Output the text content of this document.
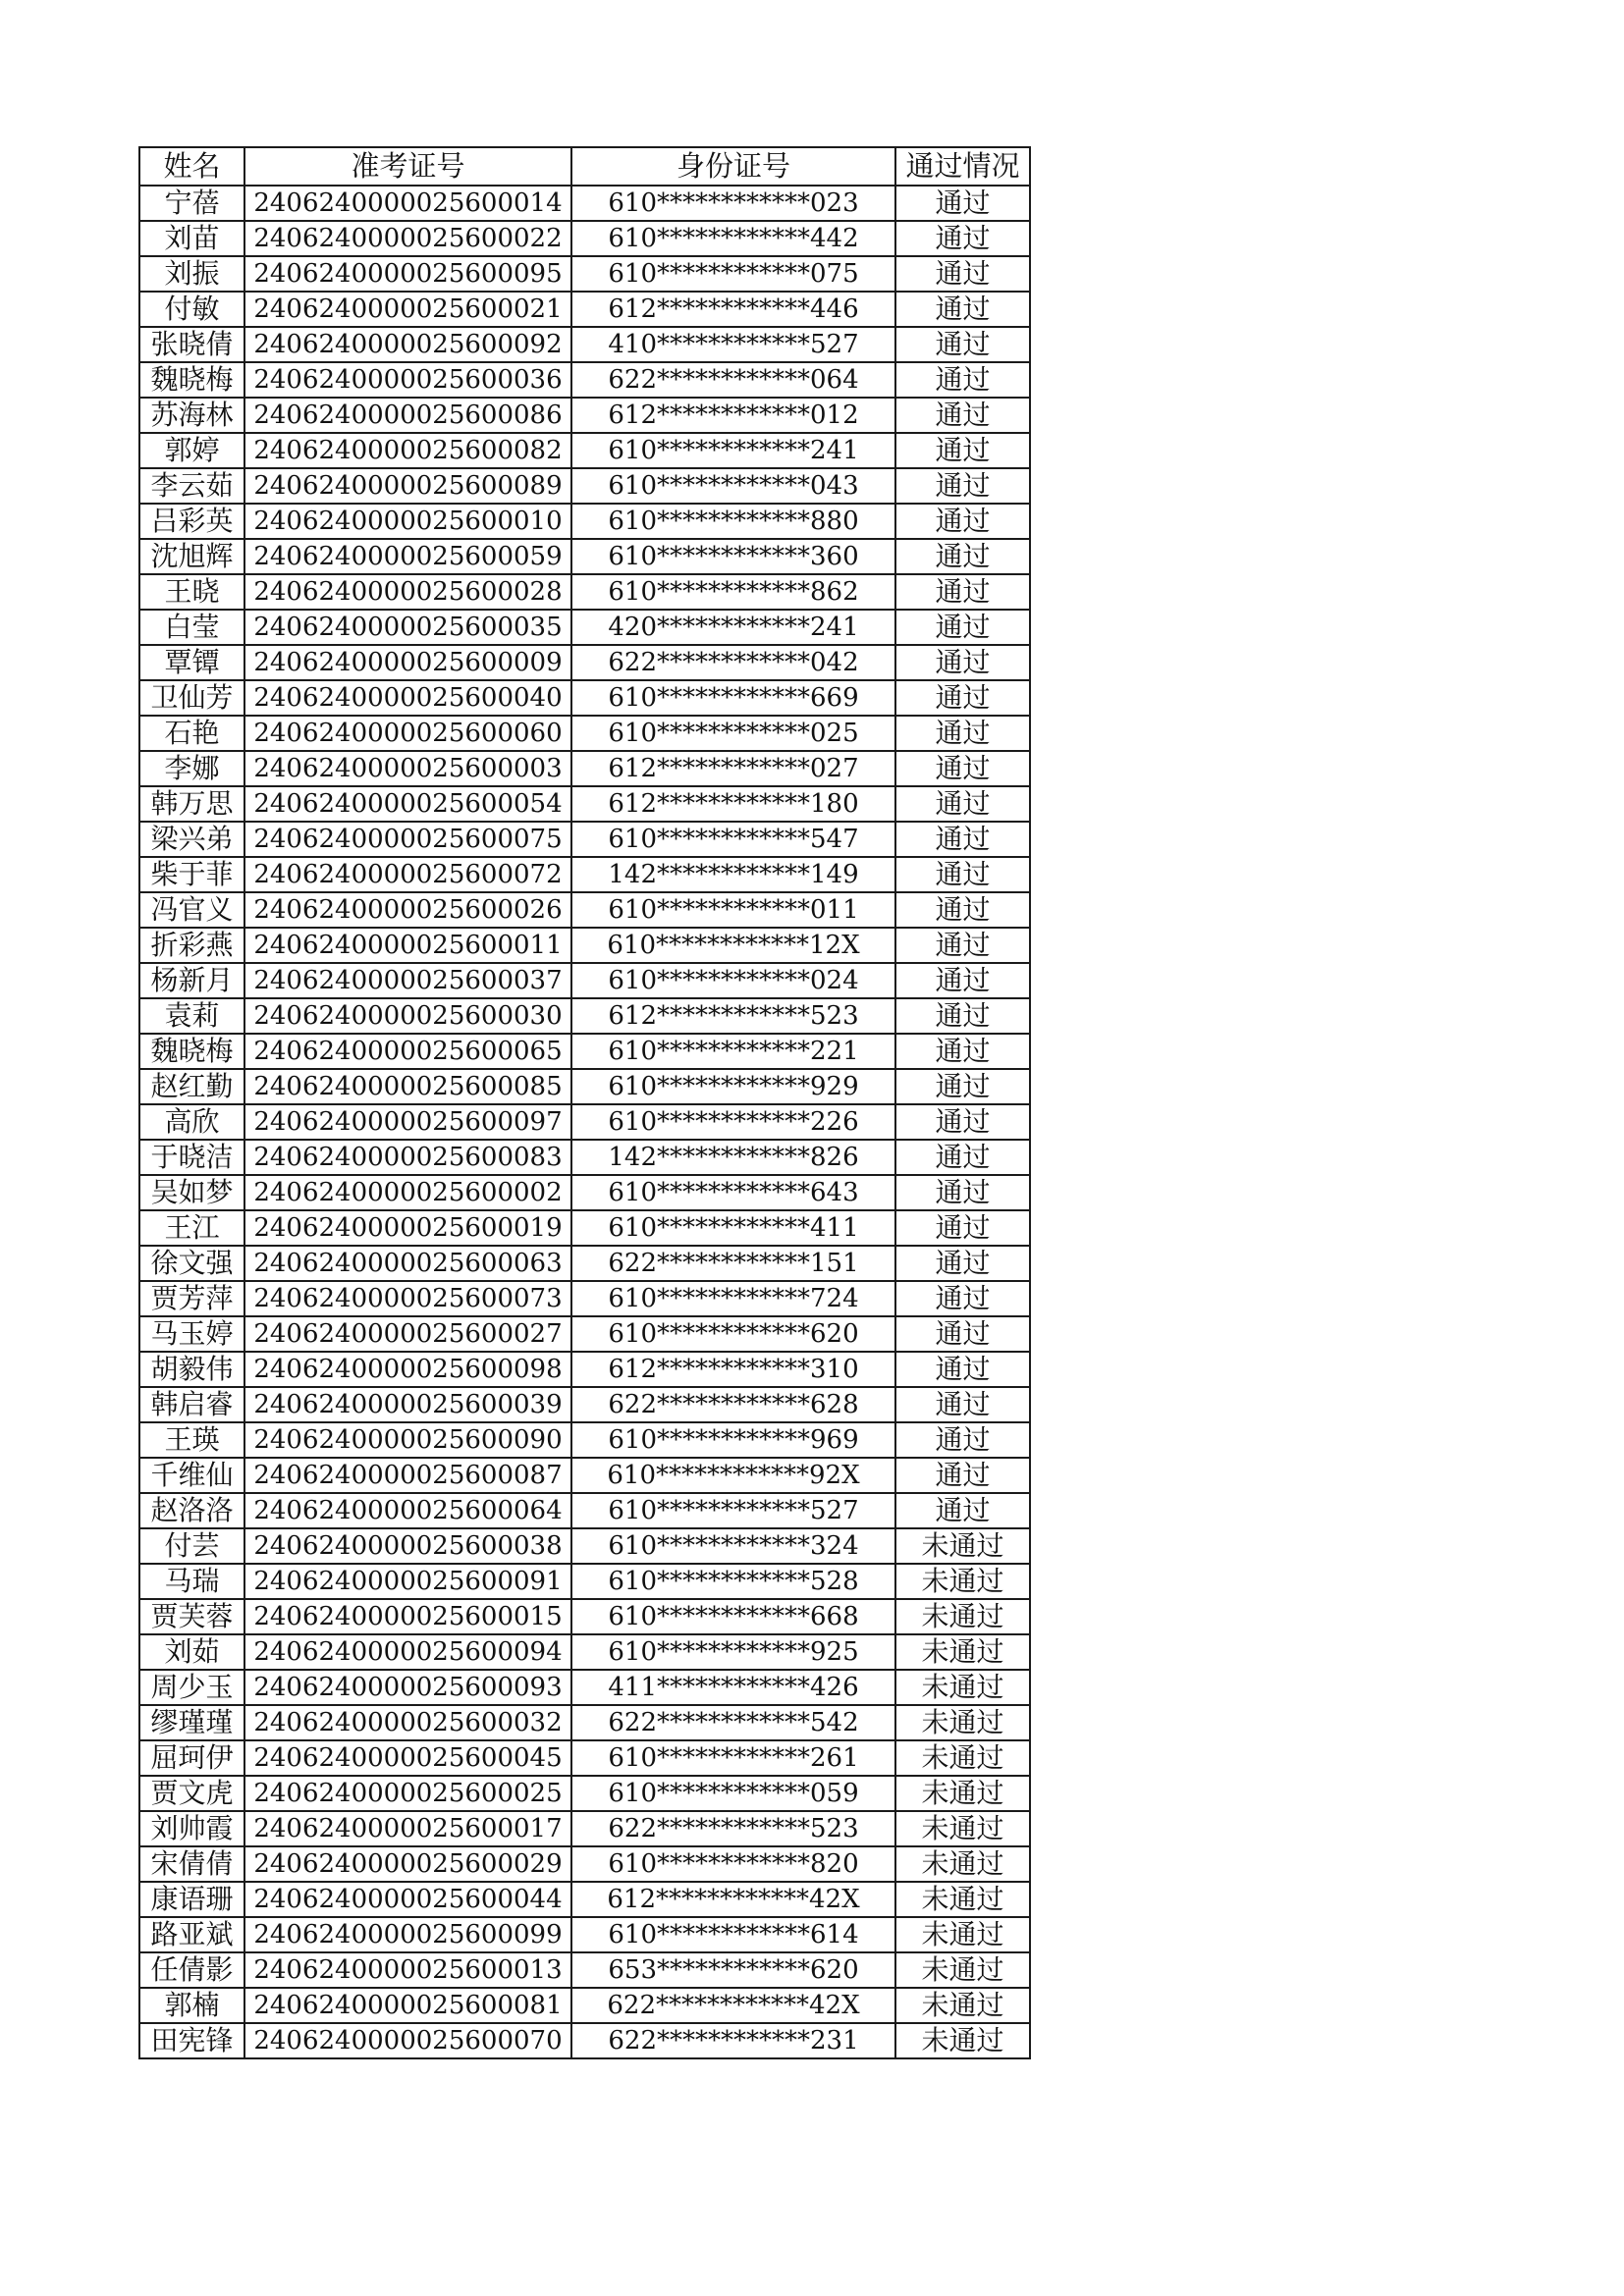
姓名	准考证号	身份证号	通过情况
宁蓓	2406240000025600014	610************023	通过
刘苗	2406240000025600022	610************442	通过
刘振	2406240000025600095	610************075	通过
付敏	2406240000025600021	612************446	通过
张晓倩	2406240000025600092	410************527	通过
魏晓梅	2406240000025600036	622************064	通过
苏海林	2406240000025600086	612************012	通过
郭婷	2406240000025600082	610************241	通过
李云茹	2406240000025600089	610************043	通过
吕彩英	2406240000025600010	610************880	通过
沈旭辉	2406240000025600059	610************360	通过
王晓	2406240000025600028	610************862	通过
白莹	2406240000025600035	420************241	通过
覃镡	2406240000025600009	622************042	通过
卫仙芳	2406240000025600040	610************669	通过
石艳	2406240000025600060	610************025	通过
李娜	2406240000025600003	612************027	通过
韩万思	2406240000025600054	612************180	通过
梁兴弟	2406240000025600075	610************547	通过
柴于菲	2406240000025600072	142************149	通过
冯官义	2406240000025600026	610************011	通过
折彩燕	2406240000025600011	610************12X	通过
杨新月	2406240000025600037	610************024	通过
袁莉	2406240000025600030	612************523	通过
魏晓梅	2406240000025600065	610************221	通过
赵红勤	2406240000025600085	610************929	通过
高欣	2406240000025600097	610************226	通过
于晓洁	2406240000025600083	142************826	通过
吴如梦	2406240000025600002	610************643	通过
王江	2406240000025600019	610************411	通过
徐文强	2406240000025600063	622************151	通过
贾芳萍	2406240000025600073	610************724	通过
马玉婷	2406240000025600027	610************620	通过
胡毅伟	2406240000025600098	612************310	通过
韩启睿	2406240000025600039	622************628	通过
王瑛	2406240000025600090	610************969	通过
千维仙	2406240000025600087	610************92X	通过
赵洛洛	2406240000025600064	610************527	通过
付芸	2406240000025600038	610************324	未通过
马瑞	2406240000025600091	610************528	未通过
贾芙蓉	2406240000025600015	610************668	未通过
刘茹	2406240000025600094	610************925	未通过
周少玉	2406240000025600093	411************426	未通过
缪瑾瑾	2406240000025600032	622************542	未通过
屈珂伊	2406240000025600045	610************261	未通过
贾文虎	2406240000025600025	610************059	未通过
刘帅霞	2406240000025600017	622************523	未通过
宋倩倩	2406240000025600029	610************820	未通过
康语珊	2406240000025600044	612************42X	未通过
路亚斌	2406240000025600099	610************614	未通过
任倩影	2406240000025600013	653************620	未通过
郭楠	2406240000025600081	622************42X	未通过
田宪锋	2406240000025600070	622************231	未通过
